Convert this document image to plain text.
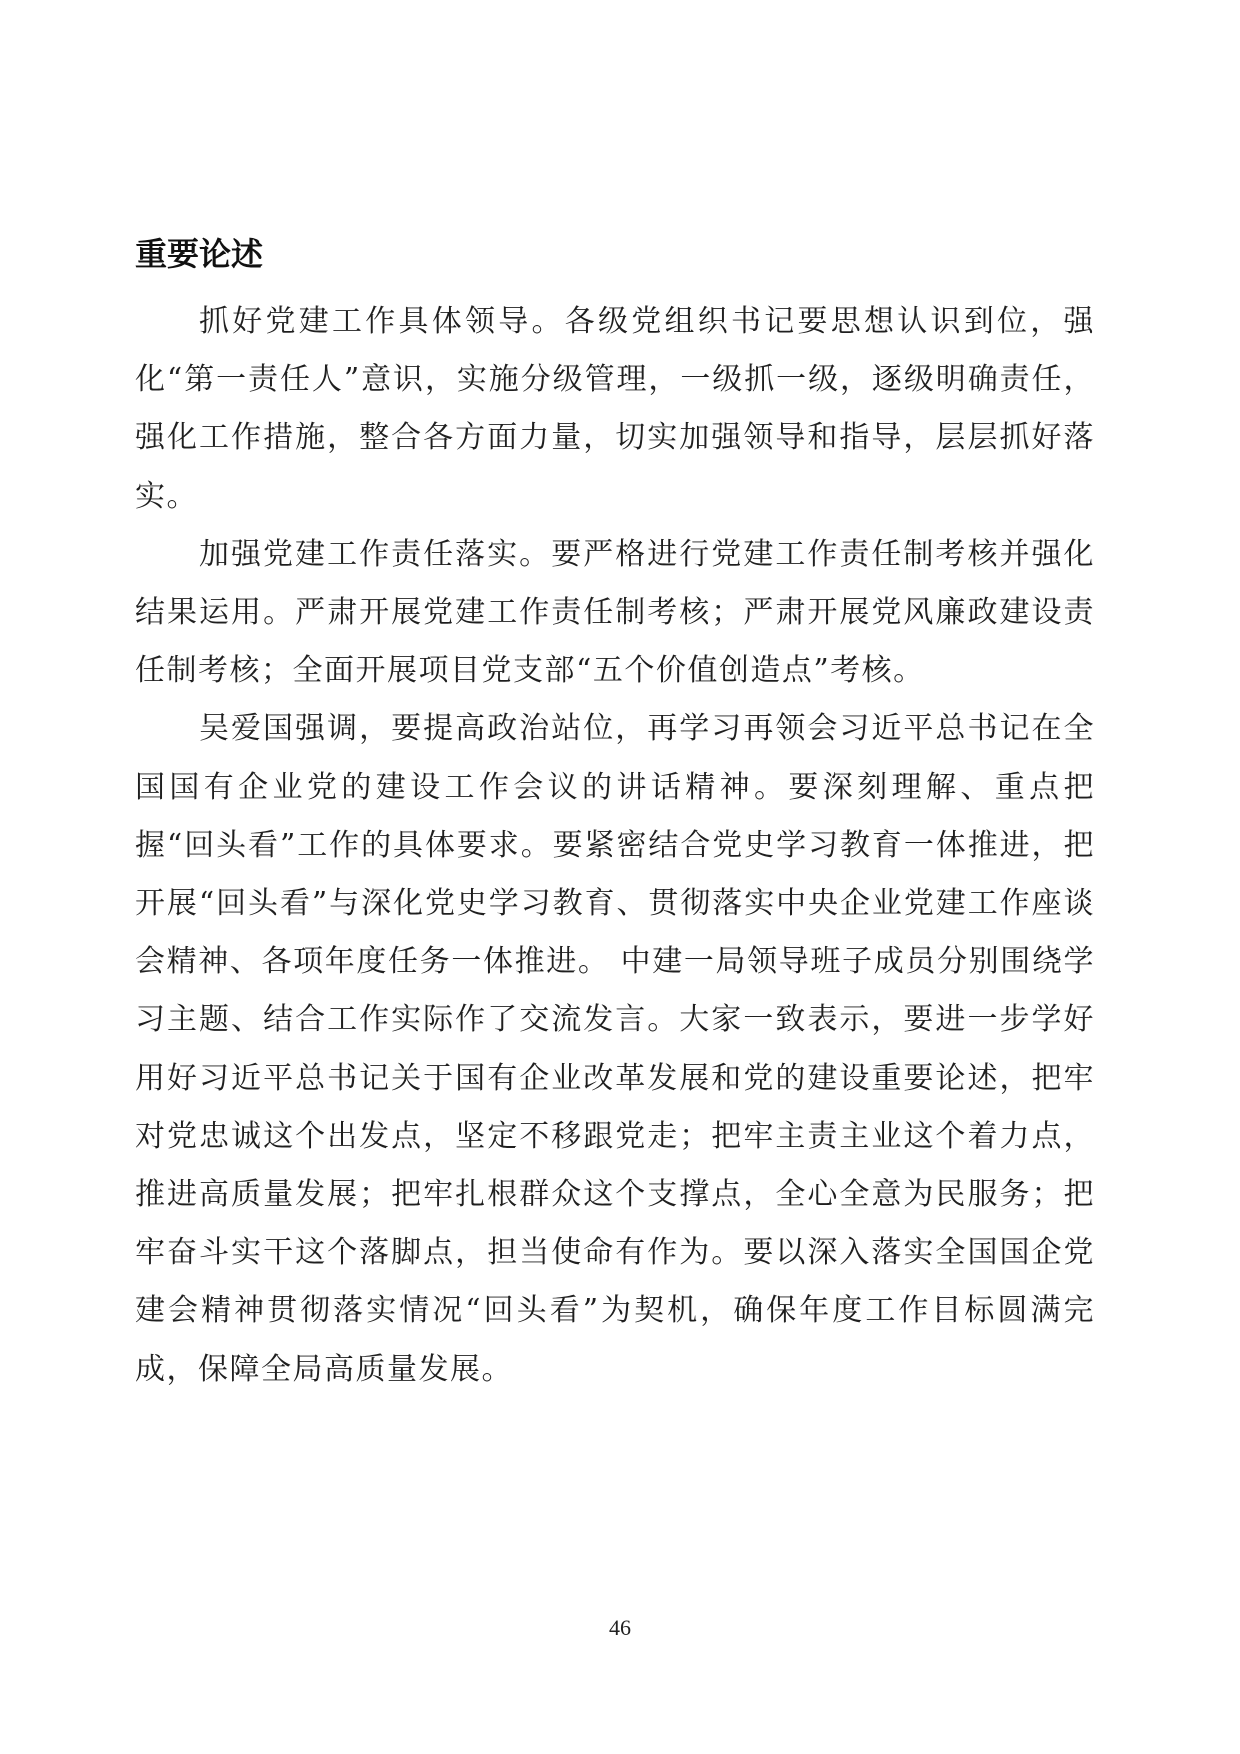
重要论述

抓好党建工作具体领导。各级党组织书记要思想认识到位，强化“第一责任人”意识，实施分级管理，一级抓一级，逐级明确责任，强化工作措施，整合各方面力量，切实加强领导和指导，层层抓好落实。

加强党建工作责任落实。要严格进行党建工作责任制考核并强化结果运用。严肃开展党建工作责任制考核；严肃开展党风廉政建设责任制考核；全面开展项目党支部“五个价值创造点”考核。

吴爱国强调，要提高政治站位，再学习再领会习近平总书记在全国国有企业党的建设工作会议的讲话精神。要深刻理解、重点把握“回头看”工作的具体要求。要紧密结合党史学习教育一体推进，把开展“回头看”与深化党史学习教育、贯彻落实中央企业党建工作座谈会精神、各项年度任务一体推进。 中建一局领导班子成员分别围绕学习主题、结合工作实际作了交流发言。大家一致表示，要进一步学好用好习近平总书记关于国有企业改革发展和党的建设重要论述，把牢对党忠诚这个出发点，坚定不移跟党走；把牢主责主业这个着力点，推进高质量发展；把牢扎根群众这个支撑点，全心全意为民服务；把牢奋斗实干这个落脚点，担当使命有作为。要以深入落实全国国企党建会精神贯彻落实情况“回头看”为契机，确保年度工作目标圆满完成，保障全局高质量发展。

46
